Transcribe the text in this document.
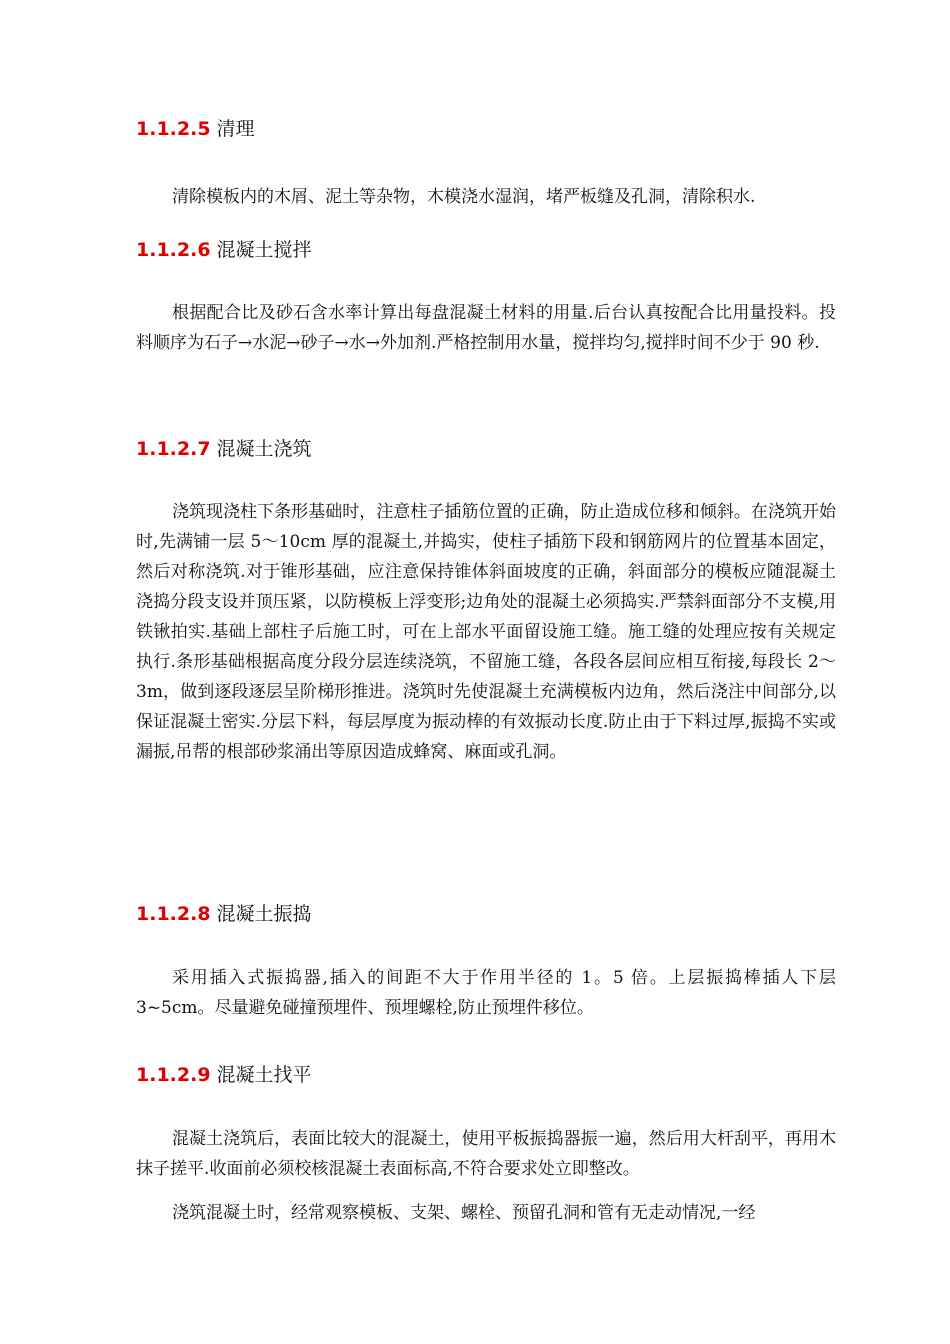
1.1.2.5 清理

清除模板内的木屑、泥土等杂物，木模浇水湿润，堵严板缝及孔洞，清除积水.

1.1.2.6 混凝土搅拌

根据配合比及砂石含水率计算出每盘混凝土材料的用量.后台认真按配合比用量投料。投料顺序为石子→水泥→砂子→水→外加剂.严格控制用水量，搅拌均匀,搅拌时间不少于 90 秒.

1.1.2.7 混凝土浇筑

浇筑现浇柱下条形基础时，注意柱子插筋位置的正确，防止造成位移和倾斜。在浇筑开始时,先满铺一层 5～10cm 厚的混凝土,并捣实，使柱子插筋下段和钢筋网片的位置基本固定，然后对称浇筑.对于锥形基础，应注意保持锥体斜面坡度的正确，斜面部分的模板应随混凝土浇捣分段支设并顶压紧，以防模板上浮变形;边角处的混凝土必须捣实.严禁斜面部分不支模,用铁锹拍实.基础上部柱子后施工时，可在上部水平面留设施工缝。施工缝的处理应按有关规定执行.条形基础根据高度分段分层连续浇筑，不留施工缝，各段各层间应相互衔接,每段长 2～3m，做到逐段逐层呈阶梯形推进。浇筑时先使混凝土充满模板内边角，然后浇注中间部分,以保证混凝土密实.分层下料，每层厚度为振动棒的有效振动长度.防止由于下料过厚,振捣不实或漏振,吊帮的根部砂浆涌出等原因造成蜂窝、麻面或孔洞。

1.1.2.8 混凝土振捣

采用插入式振捣器,插入的间距不大于作用半径的 1。5 倍。上层振捣棒插人下层 3~5cm。尽量避免碰撞预埋件、预埋螺栓,防止预埋件移位。

1.1.2.9 混凝土找平

混凝土浇筑后，表面比较大的混凝土，使用平板振捣器振一遍，然后用大杆刮平，再用木抹子搓平.收面前必须校核混凝土表面标高,不符合要求处立即整改。

浇筑混凝土时，经常观察模板、支架、螺栓、预留孔洞和管有无走动情况,一经
